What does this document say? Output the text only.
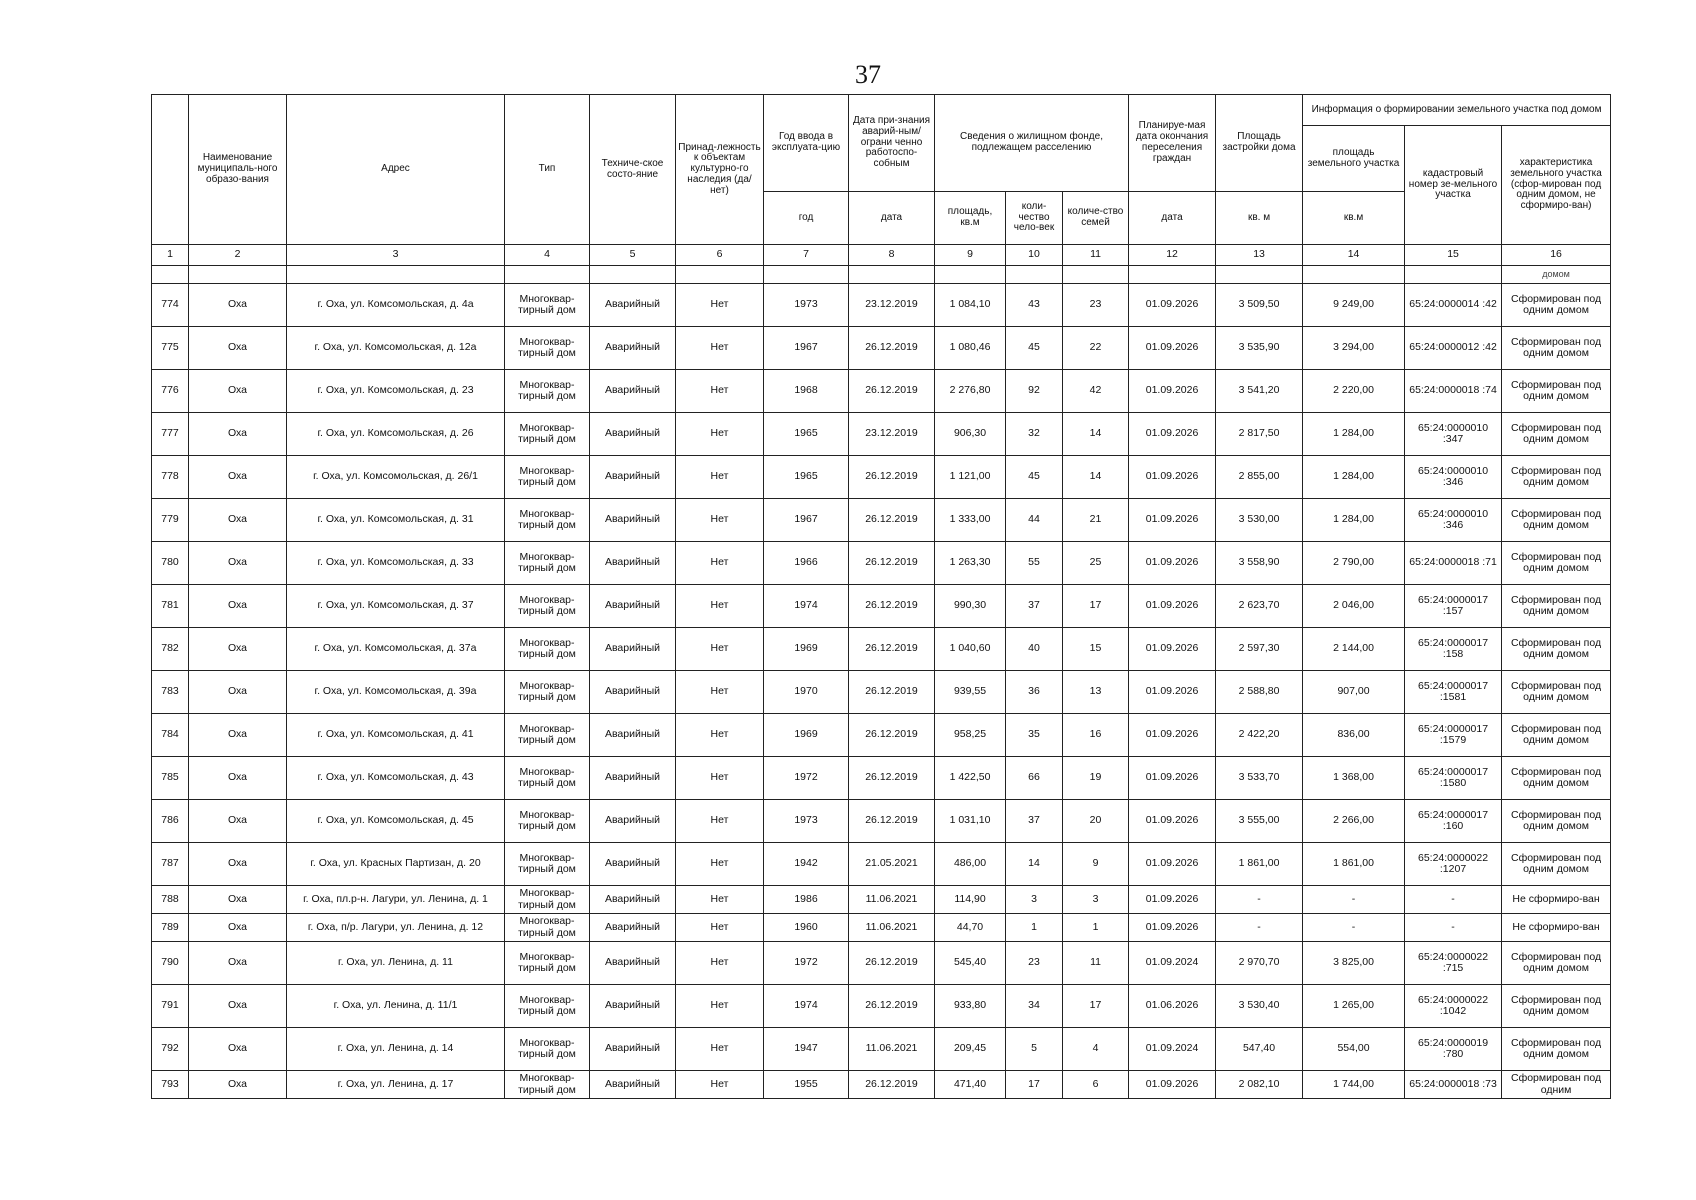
37
	Наименование муниципаль-ного образо-вания	Адрес	Тип	Техниче-ское состо-яние	Принад-лежность к объектам культурно-го наследия (да/нет)	Год ввода в эксплуата-цию	Дата при-знания аварий-ным/ограни ченно работоспо-собным	Сведения о жилищном фонде, подлежащем расселению			Планируе-мая дата окончания переселения граждан	Площадь застройки дома	Информация о формировании земельного участка под домом		
													площадь земельного участка	кадастровый номер зе-мельного участка	характеристика земельного участка (сфор-мирован под одним домом, не сформиро-ван)
						год	дата	площадь, кв.м	коли-чество чело-век	количе-ство семей	дата	кв. м	кв.м		
1	2	3	4	5	6	7	8	9	10	11	12	13	14	15	16
															домом
774	Оха	г. Оха, ул. Комсомольская, д. 4а	Многоквар-тирный дом	Аварийный	Нет	1973	23.12.2019	1 084,10	43	23	01.09.2026	3 509,50	9 249,00	65:24:0000014 :42	Сформирован под одним домом
775	Оха	г. Оха, ул. Комсомольская, д. 12а	Многоквар-тирный дом	Аварийный	Нет	1967	26.12.2019	1 080,46	45	22	01.09.2026	3 535,90	3 294,00	65:24:0000012 :42	Сформирован под одним домом
776	Оха	г. Оха, ул. Комсомольская, д. 23	Многоквар-тирный дом	Аварийный	Нет	1968	26.12.2019	2 276,80	92	42	01.09.2026	3 541,20	2 220,00	65:24:0000018 :74	Сформирован под одним домом
777	Оха	г. Оха, ул. Комсомольская, д. 26	Многоквар-тирный дом	Аварийный	Нет	1965	23.12.2019	906,30	32	14	01.09.2026	2 817,50	1 284,00	65:24:0000010 :347	Сформирован под одним домом
778	Оха	г. Оха, ул. Комсомольская, д. 26/1	Многоквар-тирный дом	Аварийный	Нет	1965	26.12.2019	1 121,00	45	14	01.09.2026	2 855,00	1 284,00	65:24:0000010 :346	Сформирован под одним домом
779	Оха	г. Оха, ул. Комсомольская, д. 31	Многоквар-тирный дом	Аварийный	Нет	1967	26.12.2019	1 333,00	44	21	01.09.2026	3 530,00	1 284,00	65:24:0000010 :346	Сформирован под одним домом
780	Оха	г. Оха, ул. Комсомольская, д. 33	Многоквар-тирный дом	Аварийный	Нет	1966	26.12.2019	1 263,30	55	25	01.09.2026	3 558,90	2 790,00	65:24:0000018 :71	Сформирован под одним домом
781	Оха	г. Оха, ул. Комсомольская, д. 37	Многоквар-тирный дом	Аварийный	Нет	1974	26.12.2019	990,30	37	17	01.09.2026	2 623,70	2 046,00	65:24:0000017 :157	Сформирован под одним домом
782	Оха	г. Оха, ул. Комсомольская, д. 37а	Многоквар-тирный дом	Аварийный	Нет	1969	26.12.2019	1 040,60	40	15	01.09.2026	2 597,30	2 144,00	65:24:0000017 :158	Сформирован под одним домом
783	Оха	г. Оха, ул. Комсомольская, д. 39а	Многоквар-тирный дом	Аварийный	Нет	1970	26.12.2019	939,55	36	13	01.09.2026	2 588,80	907,00	65:24:0000017 :1581	Сформирован под одним домом
784	Оха	г. Оха, ул. Комсомольская, д. 41	Многоквар-тирный дом	Аварийный	Нет	1969	26.12.2019	958,25	35	16	01.09.2026	2 422,20	836,00	65:24:0000017 :1579	Сформирован под одним домом
785	Оха	г. Оха, ул. Комсомольская, д. 43	Многоквар-тирный дом	Аварийный	Нет	1972	26.12.2019	1 422,50	66	19	01.09.2026	3 533,70	1 368,00	65:24:0000017 :1580	Сформирован под одним домом
786	Оха	г. Оха, ул. Комсомольская, д. 45	Многоквар-тирный дом	Аварийный	Нет	1973	26.12.2019	1 031,10	37	20	01.09.2026	3 555,00	2 266,00	65:24:0000017 :160	Сформирован под одним домом
787	Оха	г. Оха, ул. Красных Партизан, д. 20	Многоквар-тирный дом	Аварийный	Нет	1942	21.05.2021	486,00	14	9	01.09.2026	1 861,00	1 861,00	65:24:0000022 :1207	Сформирован под одним домом
788	Оха	г. Оха, пл.р-н. Лагури, ул. Ленина, д. 1	Многоквар-тирный дом	Аварийный	Нет	1986	11.06.2021	114,90	3	3	01.09.2026	-	-	-	Не сформиро-ван
789	Оха	г. Оха, п/р. Лагури, ул. Ленина, д. 12	Многоквар-тирный дом	Аварийный	Нет	1960	11.06.2021	44,70	1	1	01.09.2026	-	-	-	Не сформиро-ван
790	Оха	г. Оха, ул. Ленина, д. 11	Многоквар-тирный дом	Аварийный	Нет	1972	26.12.2019	545,40	23	11	01.09.2024	2 970,70	3 825,00	65:24:0000022 :715	Сформирован под одним домом
791	Оха	г. Оха, ул. Ленина, д. 11/1	Многоквар-тирный дом	Аварийный	Нет	1974	26.12.2019	933,80	34	17	01.06.2026	3 530,40	1 265,00	65:24:0000022 :1042	Сформирован под одним домом
792	Оха	г. Оха, ул. Ленина, д. 14	Многоквар-тирный дом	Аварийный	Нет	1947	11.06.2021	209,45	5	4	01.09.2024	547,40	554,00	65:24:0000019 :780	Сформирован под одним домом
793	Оха	г. Оха, ул. Ленина, д. 17	Многоквар-тирный дом	Аварийный	Нет	1955	26.12.2019	471,40	17	6	01.09.2026	2 082,10	1 744,00	65:24:0000018 :73	Сформирован под одним
